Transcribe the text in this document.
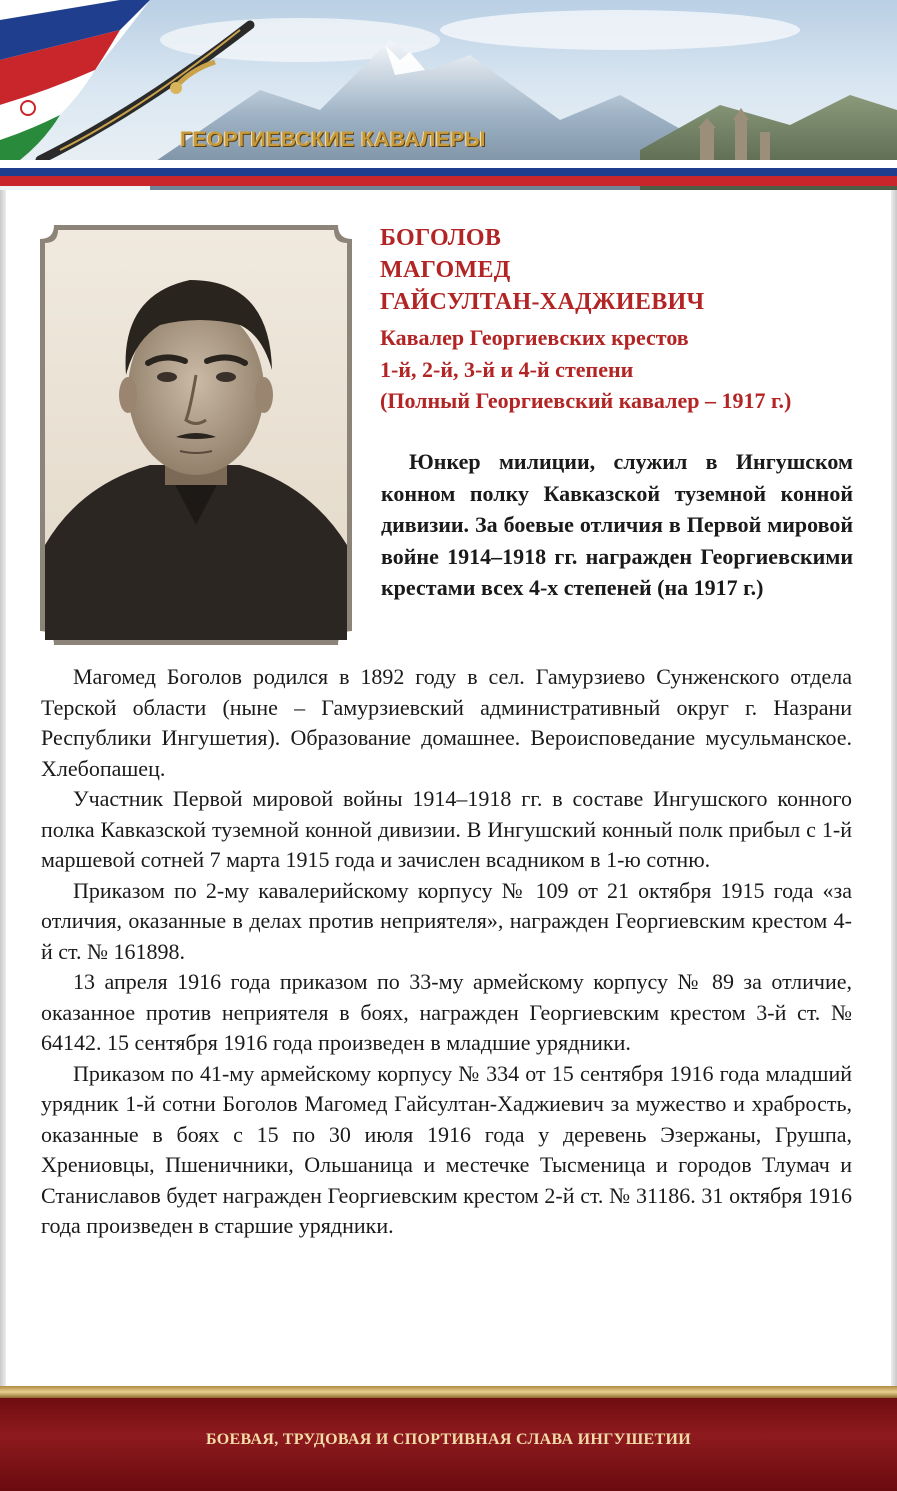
ГЕОРГИЕВСКИЕ КАВАЛЕРЫ
БОГОЛОВ
МАГОМЕД
ГАЙСУЛТАН-ХАДЖИЕВИЧ
Кавалер Георгиевских крестов
1-й, 2-й, 3-й и 4-й степени
(Полный Георгиевский кавалер – 1917 г.)

Юнкер милиции, служил в Ингушском конном полку Кавказской туземной конной дивизии. За боевые отличия в Первой мировой войне 1914–1918 гг. награжден Георгиевскими крестами всех 4-х степеней (на 1917 г.)

Магомед Боголов родился в 1892 году в сел. Гамурзиево Сунженского отдела Терской области (ныне – Гамурзиевский административный округ г. Назрани Республики Ингушетия). Образование домашнее. Вероисповедание мусульманское. Хлебопашец.

Участник Первой мировой войны 1914–1918 гг. в составе Ингушского конного полка Кавказской туземной конной дивизии. В Ингушский конный полк прибыл с 1-й маршевой сотней 7 марта 1915 года и зачислен всадником в 1-ю сотню.

Приказом по 2-му кавалерийскому корпусу № 109 от 21 октября 1915 года «за отличия, оказанные в делах против неприятеля», награжден Георгиевским крестом 4-й ст. № 161898.

13 апреля 1916 года приказом по 33-му армейскому корпусу № 89 за отличие, оказанное против неприятеля в боях, награжден Георгиевским крестом 3-й ст. № 64142. 15 сентября 1916 года произведен в младшие урядники.

Приказом по 41-му армейскому корпусу № 334 от 15 сентября 1916 года младший урядник 1-й сотни Боголов Магомед Гайсултан-Хаджиевич за мужество и храбрость, оказанные в боях с 15 по 30 июля 1916 года у деревень Эзержаны, Грушпа, Хрениовцы, Пшеничники, Ольшаница и местечке Тысменица и городов Тлумач и Станиславов будет награжден Георгиевским крестом 2-й ст. № 31186. 31 октября 1916 года произведен в старшие урядники.

БОЕВАЯ, ТРУДОВАЯ И СПОРТИВНАЯ СЛАВА ИНГУШЕТИИ
